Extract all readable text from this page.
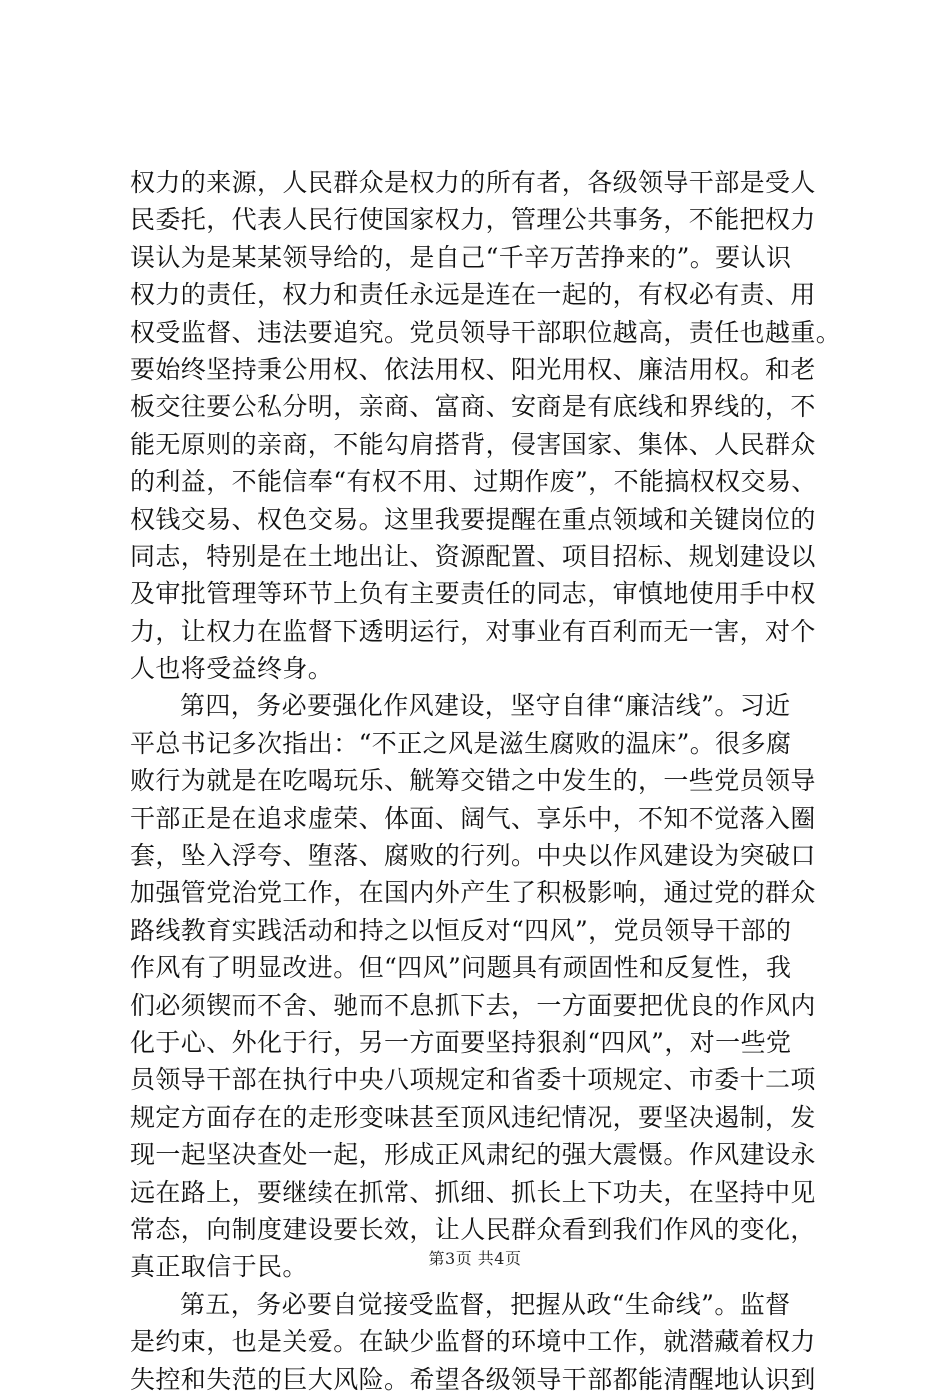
权力的来源，人民群众是权力的所有者，各级领导干部是受人
民委托，代表人民行使国家权力，管理公共事务，不能把权力
误认为是某某领导给的，是自己“千辛万苦挣来的”。要认识
权力的责任，权力和责任永远是连在一起的，有权必有责、用
权受监督、违法要追究。党员领导干部职位越高，责任也越重。
要始终坚持秉公用权、依法用权、阳光用权、廉洁用权。和老
板交往要公私分明，亲商、富商、安商是有底线和界线的，不
能无原则的亲商，不能勾肩搭背，侵害国家、集体、人民群众
的利益，不能信奉“有权不用、过期作废”，不能搞权权交易、
权钱交易、权色交易。这里我要提醒在重点领域和关键岗位的
同志，特别是在土地出让、资源配置、项目招标、规划建设以
及审批管理等环节上负有主要责任的同志，审慎地使用手中权
力，让权力在监督下透明运行，对事业有百利而无一害，对个
人也将受益终身。
第四，务必要强化作风建设，坚守自律“廉洁线”。习近
平总书记多次指出：“不正之风是滋生腐败的温床”。很多腐
败行为就是在吃喝玩乐、觥筹交错之中发生的，一些党员领导
干部正是在追求虚荣、体面、阔气、享乐中，不知不觉落入圈
套，坠入浮夸、堕落、腐败的行列。中央以作风建设为突破口
加强管党治党工作，在国内外产生了积极影响，通过党的群众
路线教育实践活动和持之以恒反对“四风”，党员领导干部的
作风有了明显改进。但“四风”问题具有顽固性和反复性，我
们必须锲而不舍、驰而不息抓下去，一方面要把优良的作风内
化于心、外化于行，另一方面要坚持狠刹“四风”，对一些党
员领导干部在执行中央八项规定和省委十项规定、市委十二项
规定方面存在的走形变味甚至顶风违纪情况，要坚决遏制，发
现一起坚决查处一起，形成正风肃纪的强大震慑。作风建设永
远在路上，要继续在抓常、抓细、抓长上下功夫，在坚持中见
常态，向制度建设要长效，让人民群众看到我们作风的变化，
真正取信于民。
第五，务必要自觉接受监督，把握从政“生命线”。监督
是约束，也是关爱。在缺少监督的环境中工作，就潜藏着权力
失控和失范的巨大风险。希望各级领导干部都能清醒地认识到
第3页 共4页
